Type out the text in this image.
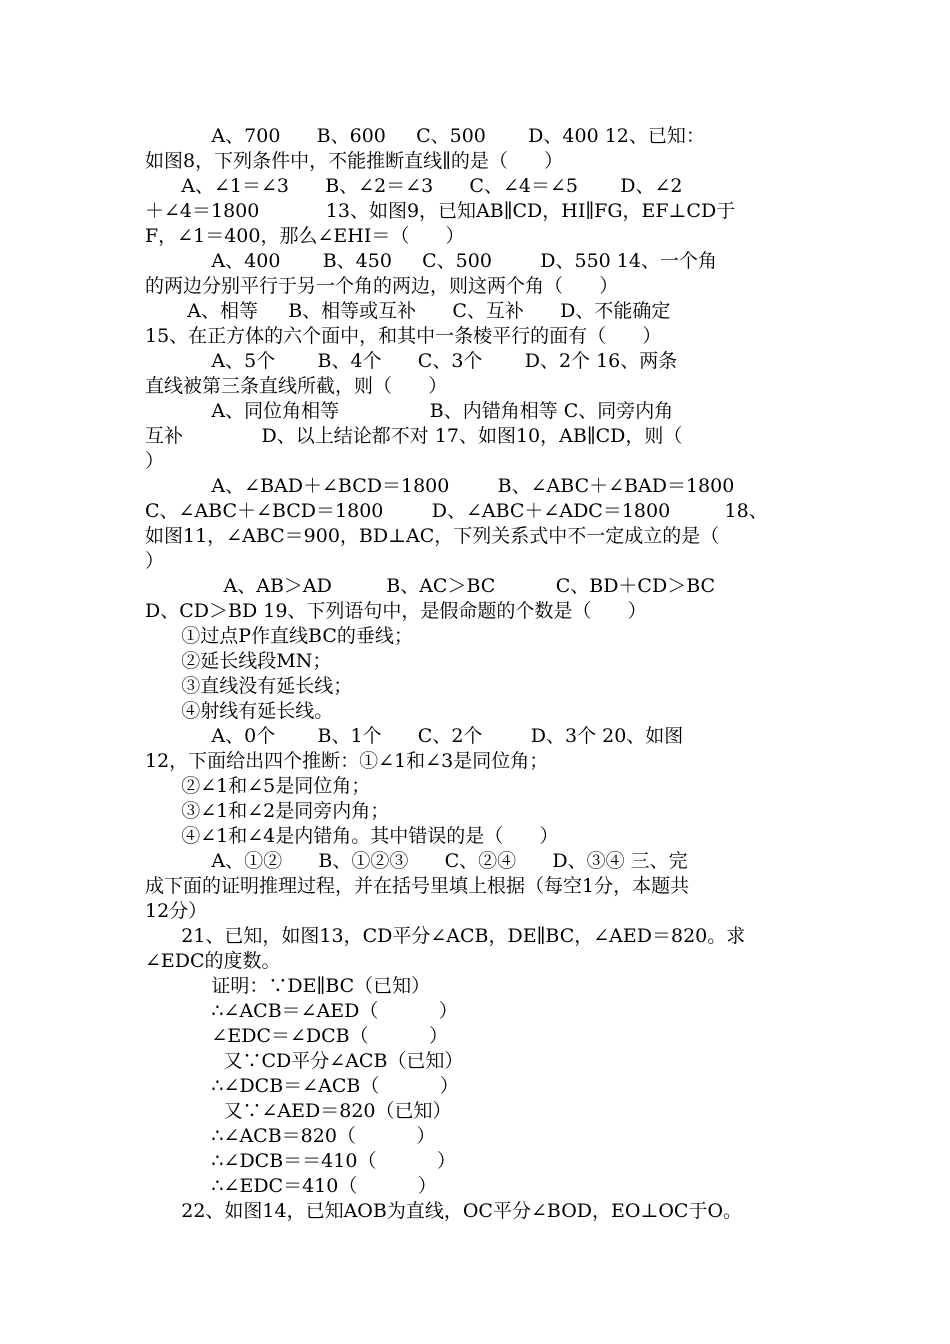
A、700      B、600     C、500       D、400 12、已知：
如图8，下列条件中，不能推断直线∥的是（      ）
A、∠1＝∠3      B、∠2＝∠3      C、∠4＝∠5       D、∠2
＋∠4＝1800           13、如图9，已知AB∥CD，HI∥FG，EF⊥CD于
F，∠1＝400，那么∠EHI＝（      ）
A、400       B、450     C、500        D、550 14、一个角
的两边分别平行于另一个角的两边，则这两个角（      ）
A、相等     B、相等或互补      C、互补      D、不能确定
15、在正方体的六个面中，和其中一条棱平行的面有（      ）
A、5个       B、4个      C、3个       D、2个 16、两条
直线被第三条直线所截，则（      ）
A、同位角相等               B、内错角相等 C、同旁内角
互补             D、以上结论都不对 17、如图10，AB∥CD，则（
）
A、∠BAD＋∠BCD＝1800        B、∠ABC＋∠BAD＝1800
C、∠ABC＋∠BCD＝1800        D、∠ABC＋∠ADC＝1800         18、
如图11，∠ABC＝900，BD⊥AC，下列关系式中不一定成立的是（
）
A、AB＞AD         B、AC＞BC          C、BD＋CD＞BC
D、CD＞BD 19、下列语句中，是假命题的个数是（      ）
①过点P作直线BC的垂线；
②延长线段MN；
③直线没有延长线；
④射线有延长线。
A、0个       B、1个      C、2个        D、3个 20、如图
12，下面给出四个推断：①∠1和∠3是同位角；
②∠1和∠5是同位角；
③∠1和∠2是同旁内角；
④∠1和∠4是内错角。其中错误的是（      ）
A、①②      B、①②③      C、②④      D、③④ 三、完
成下面的证明推理过程，并在括号里填上根据（每空1分，本题共
12分）
21、已知，如图13，CD平分∠ACB，DE∥BC，∠AED＝820。求
∠EDC的度数。
证明：∵DE∥BC（已知）
∴∠ACB＝∠AED（          ）
∠EDC＝∠DCB（          ）
又∵CD平分∠ACB（已知）
∴∠DCB＝∠ACB（          ）
又∵∠AED＝820（已知）
∴∠ACB＝820（          ）
∴∠DCB＝＝410（          ）
∴∠EDC＝410（          ）
22、如图14，已知AOB为直线，OC平分∠BOD，EO⊥OC于O。
